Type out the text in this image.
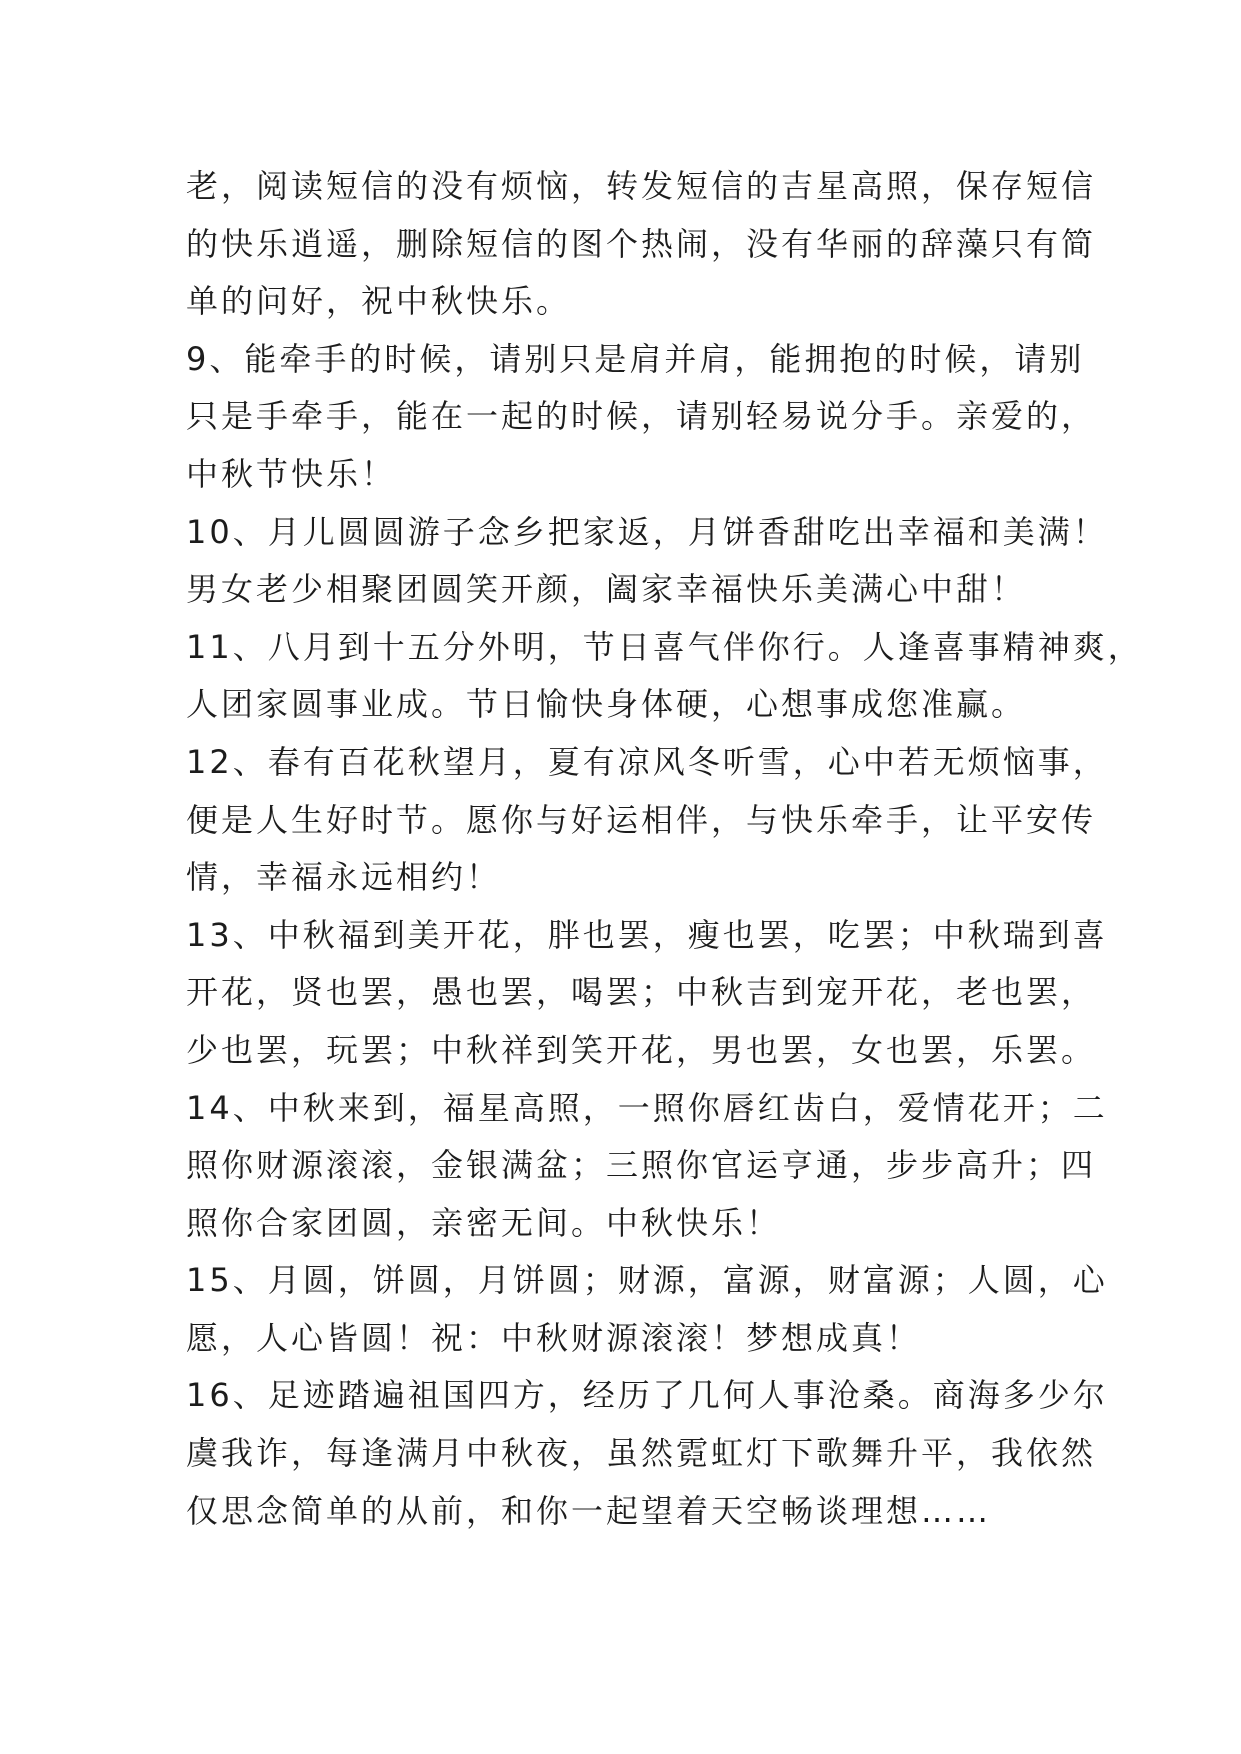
老，阅读短信的没有烦恼，转发短信的吉星高照，保存短信
的快乐逍遥，删除短信的图个热闹，没有华丽的辞藻只有简
单的问好，祝中秋快乐。

9、能牵手的时候，请别只是肩并肩，能拥抱的时候，请别
只是手牵手，能在一起的时候，请别轻易说分手。亲爱的，
中秋节快乐！

10、月儿圆圆游子念乡把家返，月饼香甜吃出幸福和美满！
男女老少相聚团圆笑开颜，阖家幸福快乐美满心中甜！

11、八月到十五分外明，节日喜气伴你行。人逢喜事精神爽，
人团家圆事业成。节日愉快身体硬，心想事成您准赢。

12、春有百花秋望月，夏有凉风冬听雪，心中若无烦恼事，
便是人生好时节。愿你与好运相伴，与快乐牵手，让平安传
情，幸福永远相约！

13、中秋福到美开花，胖也罢，瘦也罢，吃罢；中秋瑞到喜
开花，贤也罢，愚也罢，喝罢；中秋吉到宠开花，老也罢，
少也罢，玩罢；中秋祥到笑开花，男也罢，女也罢，乐罢。

14、中秋来到，福星高照，一照你唇红齿白，爱情花开；二
照你财源滚滚，金银满盆；三照你官运亨通，步步高升；四
照你合家团圆，亲密无间。中秋快乐！

15、月圆，饼圆，月饼圆；财源，富源，财富源；人圆，心
愿，人心皆圆！祝：中秋财源滚滚！梦想成真！

16、足迹踏遍祖国四方，经历了几何人事沧桑。商海多少尔
虞我诈，每逢满月中秋夜，虽然霓虹灯下歌舞升平，我依然
仅思念简单的从前，和你一起望着天空畅谈理想……
